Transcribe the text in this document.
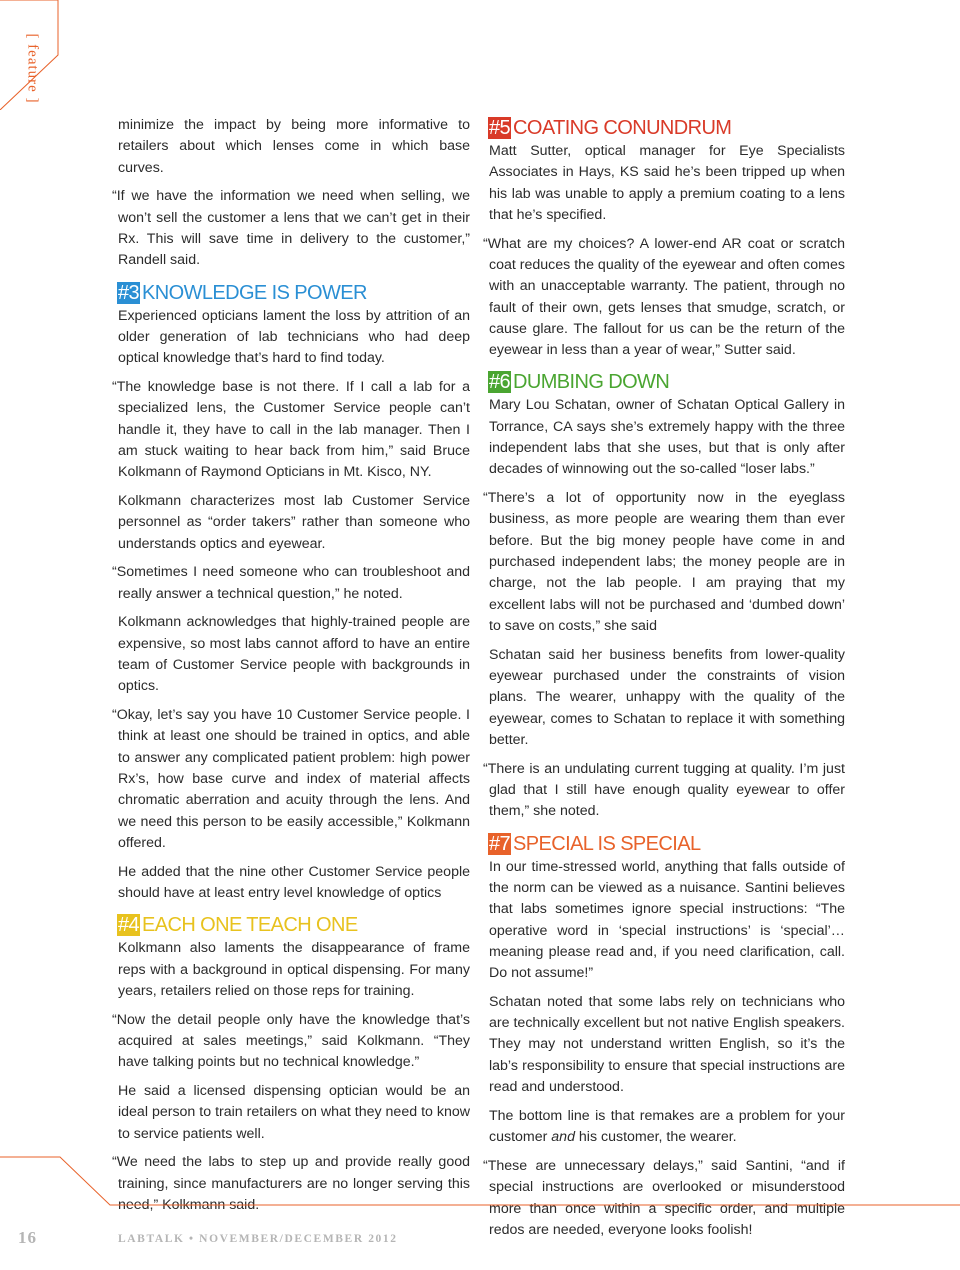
[ feature ]

minimize the impact by being more informative to retailers about which lenses come in which base curves.

“If we have the information we need when selling, we won’t sell the customer a lens that we can’t get in their Rx. This will save time in delivery to the customer,” Randell said.

#3 KNOWLEDGE IS POWER

Experienced opticians lament the loss by attrition of an older generation of lab technicians who had deep optical knowledge that’s hard to find today.

“The knowledge base is not there. If I call a lab for a specialized lens, the Customer Service people can’t handle it, they have to call in the lab manager. Then I am stuck waiting to hear back from him,” said Bruce Kolkmann of Raymond Opticians in Mt. Kisco, NY.

Kolkmann characterizes most lab Customer Service personnel as “order takers” rather than someone who understands optics and eyewear.

“Sometimes I need someone who can troubleshoot and really answer a technical question,” he noted.

Kolkmann acknowledges that highly-trained people are expensive, so most labs cannot afford to have an entire team of Customer Service people with backgrounds in optics.

“Okay, let’s say you have 10 Customer Service people. I think at least one should be trained in optics, and able to answer any complicated patient problem: high power Rx’s, how base curve and index of material affects chromatic aberration and acuity through the lens. And we need this person to be easily accessible,” Kolkmann offered.

He added that the nine other Customer Service people should have at least entry level knowledge of optics

#4 EACH ONE TEACH ONE

Kolkmann also laments the disappearance of frame reps with a background in optical dispensing. For many years, retailers relied on those reps for training.

“Now the detail people only have the knowledge that’s acquired at sales meetings,” said Kolkmann. “They have talking points but no technical knowledge.”

He said a licensed dispensing optician would be an ideal person to train retailers on what they need to know to service patients well.

“We need the labs to step up and provide really good training, since manufacturers are no longer serving this need,” Kolkmann said.

#5 COATING CONUNDRUM

Matt Sutter, optical manager for Eye Specialists Associates in Hays, KS said he’s been tripped up when his lab was unable to apply a premium coating to a lens that he’s specified.

“What are my choices? A lower-end AR coat or scratch coat reduces the quality of the eyewear and often comes with an unacceptable warranty. The patient, through no fault of their own, gets lenses that smudge, scratch, or cause glare. The fallout for us can be the return of the eyewear in less than a year of wear,” Sutter said.

#6 DUMBING DOWN

Mary Lou Schatan, owner of Schatan Optical Gallery in Torrance, CA says she’s extremely happy with the three independent labs that she uses, but that is only after decades of winnowing out the so-called “loser labs.”

“There’s a lot of opportunity now in the eyeglass business, as more people are wearing them than ever before. But the big money people have come in and purchased independent labs; the money people are in charge, not the lab people. I am praying that my excellent labs will not be purchased and ‘dumbed down’ to save on costs,” she said

Schatan said her business benefits from lower-quality eyewear purchased under the constraints of vision plans. The wearer, unhappy with the quality of the eyewear, comes to Schatan to replace it with something better.

“There is an undulating current tugging at quality. I’m just glad that I still have enough quality eyewear to offer them,” she noted.

#7 SPECIAL IS SPECIAL

In our time-stressed world, anything that falls outside of the norm can be viewed as a nuisance. Santini believes that labs sometimes ignore special instructions: “The operative word in ‘special instructions’ is ‘special’…meaning please read and, if you need clarification, call. Do not assume!”

Schatan noted that some labs rely on technicians who are technically excellent but not native English speakers. They may not understand written English, so it’s the lab’s responsibility to ensure that special instructions are read and understood.

The bottom line is that remakes are a problem for your customer and his customer, the wearer.

“These are unnecessary delays,” said Santini, “and if special instructions are overlooked or misunderstood more than once within a specific order, and multiple redos are needed, everyone looks foolish!

16	LABTALK • NOVEMBER/DECEMBER 2012
